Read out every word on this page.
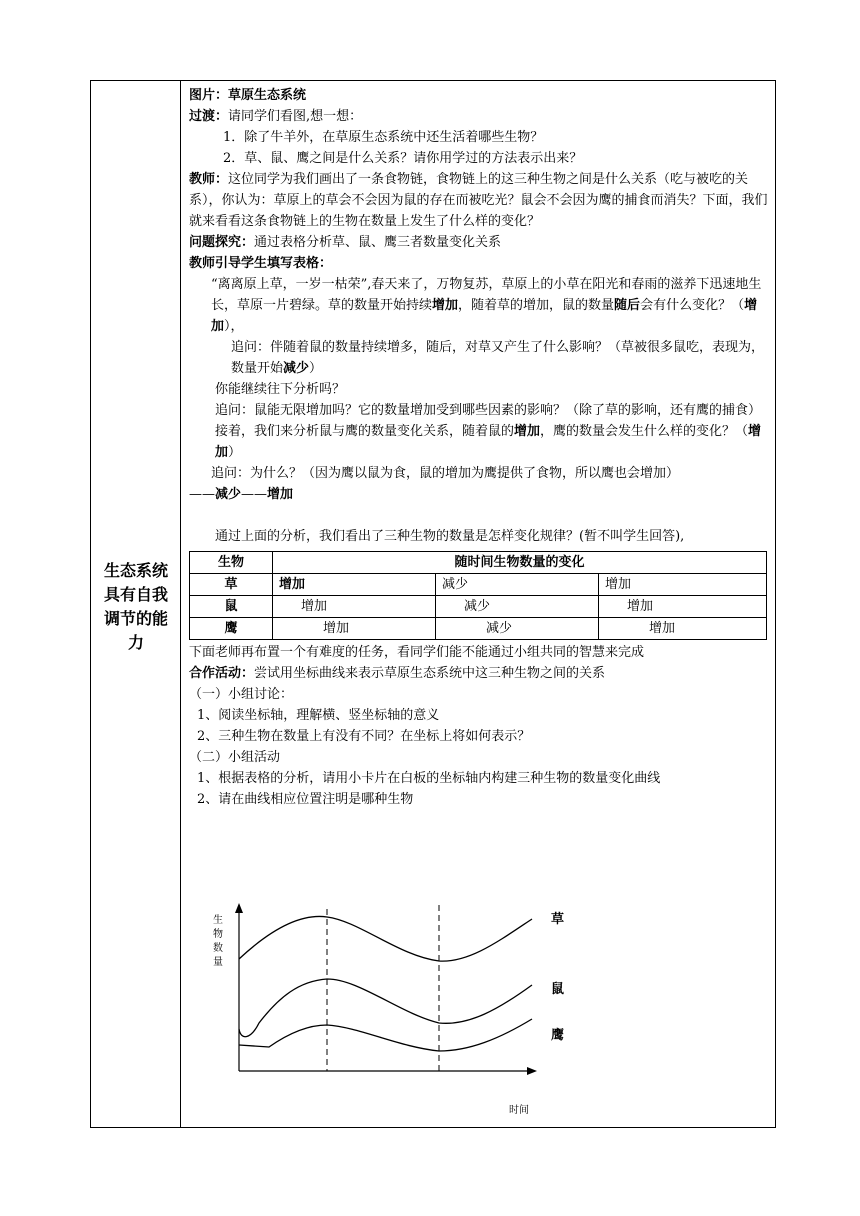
生态系统具有自我调节的能力
图片：草原生态系统
过渡：请同学们看图,想一想：
1．除了牛羊外，在草原生态系统中还生活着哪些生物？
2．草、鼠、鹰之间是什么关系？请你用学过的方法表示出来？
教师：这位同学为我们画出了一条食物链，食物链上的这三种生物之间是什么关系（吃与被吃的关系），你认为：草原上的草会不会因为鼠的存在而被吃光？鼠会不会因为鹰的捕食而消失？下面，我们就来看看这条食物链上的生物在数量上发生了什么样的变化？
问题探究：通过表格分析草、鼠、鹰三者数量变化关系
教师引导学生填写表格：
“离离原上草，一岁一枯荣”,春天来了，万物复苏，草原上的小草在阳光和春雨的滋养下迅速地生长，草原一片碧绿。草的数量开始持续增加，随着草的增加，鼠的数量随后会有什么变化？（增加），
追问：伴随着鼠的数量持续增多，随后，对草又产生了什么影响？（草被很多鼠吃，表现为，数量开始减少）
你能继续往下分析吗？
追问：鼠能无限增加吗？它的数量增加受到哪些因素的影响？（除了草的影响，还有鹰的捕食）
接着，我们来分析鼠与鹰的数量变化关系，随着鼠的增加，鹰的数量会发生什么样的变化？（增加）
追问：为什么？（因为鹰以鼠为食，鼠的增加为鹰提供了食物，所以鹰也会增加）
——减少——增加
通过上面的分析，我们看出了三种生物的数量是怎样变化规律？(暂不叫学生回答),
生物	随时间生物数量的变化		
草	增加	减少	增加
鼠	增加	减少	增加
鹰	增加	减少	增加
下面老师再布置一个有难度的任务，看同学们能不能通过小组共同的智慧来完成
合作活动：尝试用坐标曲线来表示草原生态系统中这三种生物之间的关系
（一）小组讨论：
1、阅读坐标轴，理解横、竖坐标轴的意义
2、三种生物在数量上有没有不同？在坐标上将如何表示？
（二）小组活动
1、根据表格的分析，请用小卡片在白板的坐标轴内构建三种生物的数量变化曲线
2、请在曲线相应位置注明是哪种生物
生
物
数
量
时间
草
鼠
鹰
